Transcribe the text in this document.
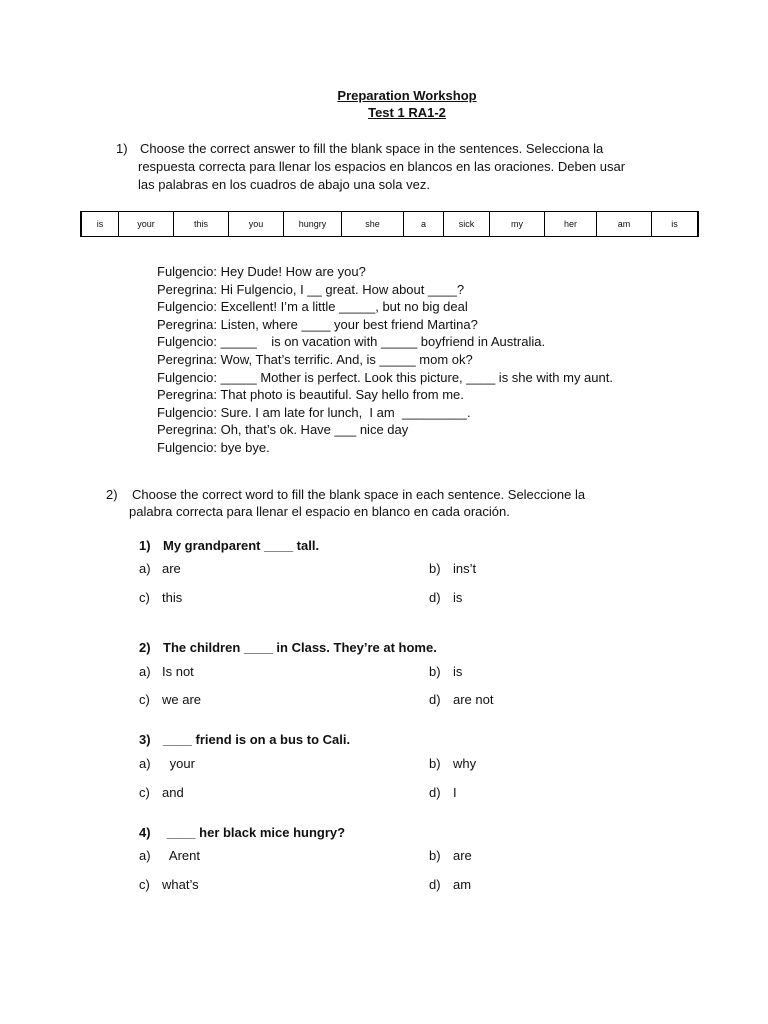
Preparation Workshop
Test 1 RA1-2
1) Choose the correct answer to fill the blank space in the sentences. Selecciona la
respuesta correcta para llenar los espacios en blancos en las oraciones. Deben usar
las palabras en los cuadros de abajo una sola vez.
is	your	this	you	hungry	she	a	sick	my	her	am	is
Fulgencio: Hey Dude! How are you?
Peregrina: Hi Fulgencio, I __ great. How about ____?
Fulgencio: Excellent! I’m a little _____, but no big deal
Peregrina: Listen, where ____ your best friend Martina?
Fulgencio: _____    is on vacation with _____ boyfriend in Australia.
Peregrina: Wow, That’s terrific. And, is _____ mom ok?
Fulgencio: _____ Mother is perfect. Look this picture, ____ is she with my aunt.
Peregrina: That photo is beautiful. Say hello from me.
Fulgencio: Sure. I am late for lunch,  I am  _________.
Peregrina: Oh, that’s ok. Have ___ nice day
Fulgencio: bye bye.
2) Choose the correct word to fill the blank space in each sentence. Seleccione la
palabra correcta para llenar el espacio en blanco en cada oración.
1) My grandparent ____ tall.
a) are	b) ins’t
c) this	d) is
2) The children ____ in Class. They’re at home.
a) Is not	b) is
c) we are	d) are not
3) ____ friend is on a bus to Cali.
a) your	b) why
c) and	d) I
4) ____ her black mice hungry?
a) Arent	b) are
c) what’s	d) am
